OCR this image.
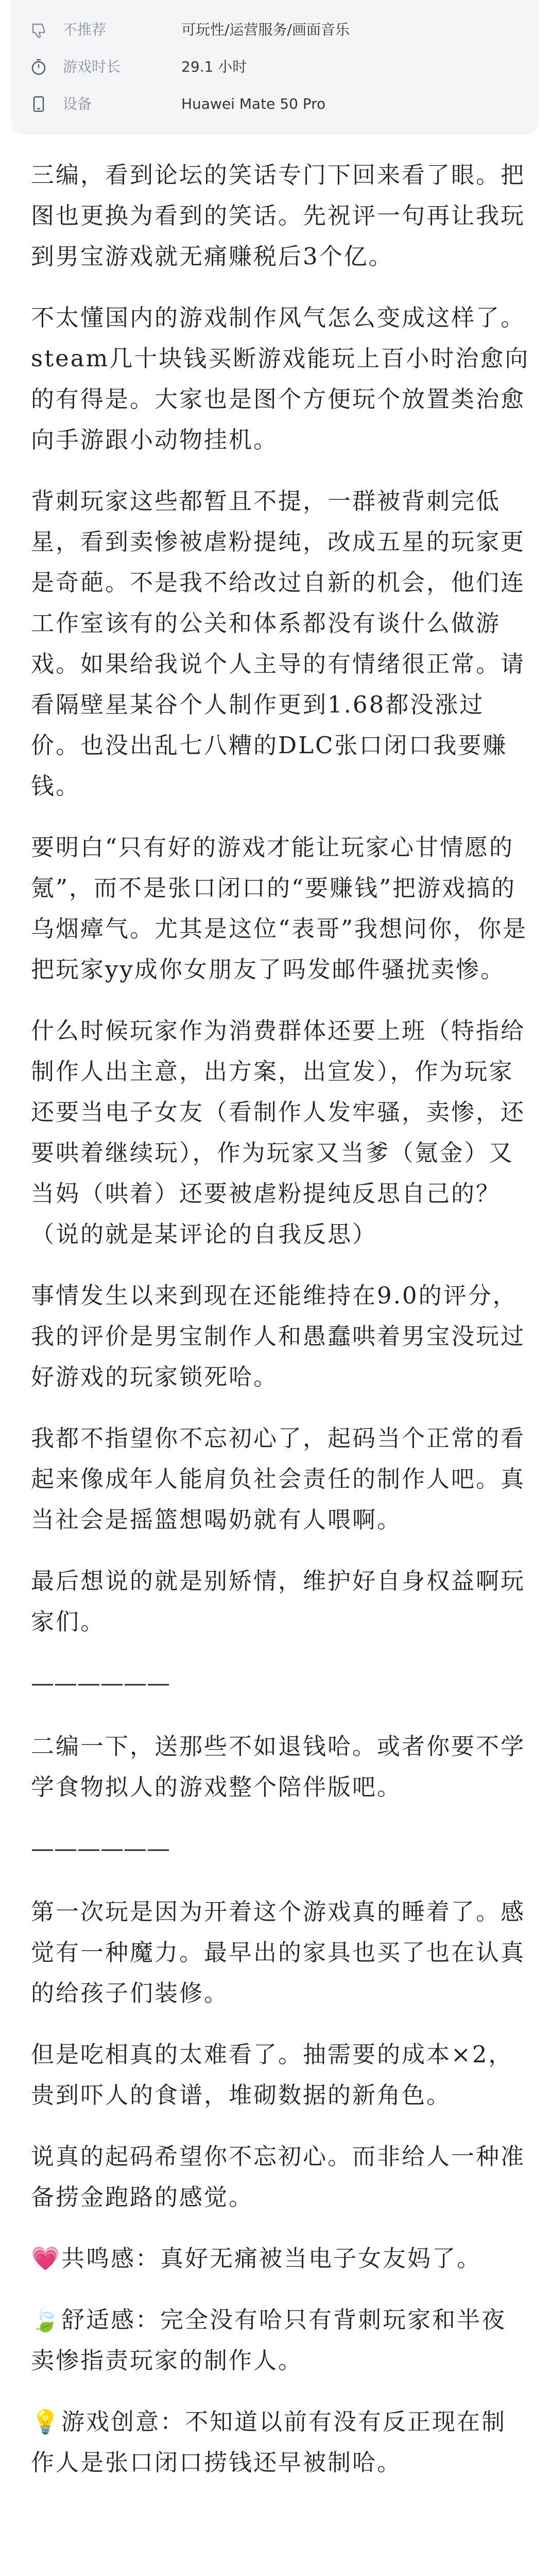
不推荐	可玩性/运营服务/画面音乐
游戏时长	29.1 小时
设备	Huawei Mate 50 Pro

三编，看到论坛的笑话专门下回来看了眼。把图也更换为看到的笑话。先祝评一句再让我玩到男宝游戏就无痛赚税后3个亿。

不太懂国内的游戏制作风气怎么变成这样了。steam几十块钱买断游戏能玩上百小时治愈向的有得是。大家也是图个方便玩个放置类治愈向手游跟小动物挂机。

背刺玩家这些都暂且不提，一群被背刺完低星，看到卖惨被虐粉提纯，改成五星的玩家更是奇葩。不是我不给改过自新的机会，他们连工作室该有的公关和体系都没有谈什么做游戏。如果给我说个人主导的有情绪很正常。请看隔壁星某谷个人制作更到1.68都没涨过价。也没出乱七八糟的DLC张口闭口我要赚钱。

要明白“只有好的游戏才能让玩家心甘情愿的氪”，而不是张口闭口的“要赚钱”把游戏搞的乌烟瘴气。尤其是这位“表哥”我想问你，你是把玩家yy成你女朋友了吗发邮件骚扰卖惨。

什么时候玩家作为消费群体还要上班（特指给制作人出主意，出方案，出宣发），作为玩家还要当电子女友（看制作人发牢骚，卖惨，还要哄着继续玩），作为玩家又当爹（氪金）又当妈（哄着）还要被虐粉提纯反思自己的？（说的就是某评论的自我反思）

事情发生以来到现在还能维持在9.0的评分，我的评价是男宝制作人和愚蠢哄着男宝没玩过好游戏的玩家锁死哈。

我都不指望你不忘初心了，起码当个正常的看起来像成年人能肩负社会责任的制作人吧。真当社会是摇篮想喝奶就有人喂啊。

最后想说的就是别矫情，维护好自身权益啊玩家们。

——————

二编一下，送那些不如退钱哈。或者你要不学学食物拟人的游戏整个陪伴版吧。

——————

第一次玩是因为开着这个游戏真的睡着了。感觉有一种魔力。最早出的家具也买了也在认真的给孩子们装修。

但是吃相真的太难看了。抽需要的成本×2，贵到吓人的食谱，堆砌数据的新角色。

说真的起码希望你不忘初心。而非给人一种准备捞金跑路的感觉。

💗共鸣感：真好无痛被当电子女友妈了。

🍃舒适感：完全没有哈只有背刺玩家和半夜卖惨指责玩家的制作人。

💡游戏创意：不知道以前有没有反正现在制作人是张口闭口捞钱还早被制哈。
